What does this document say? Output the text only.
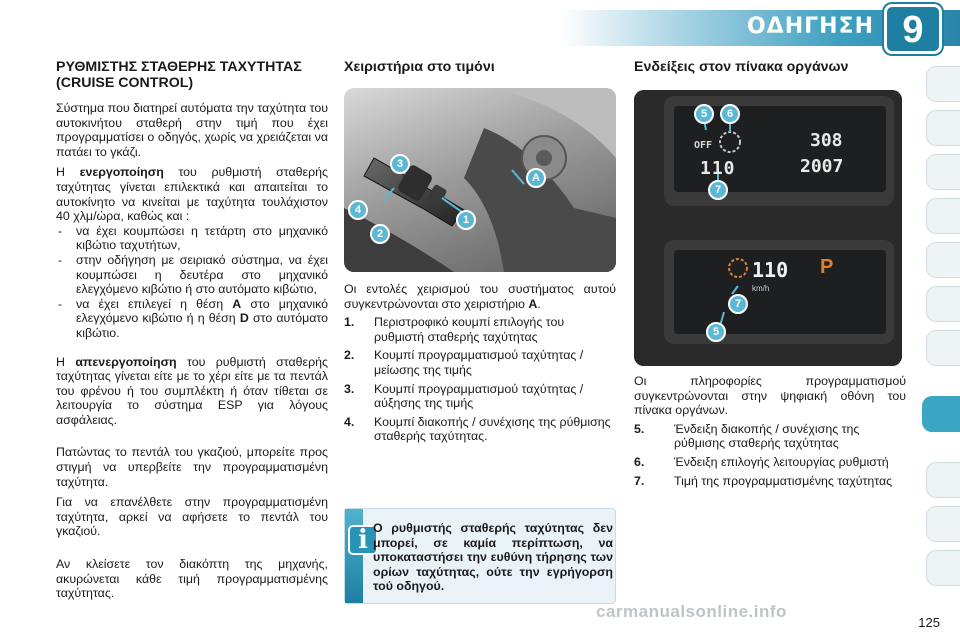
ΟΔΗΓΗΣΗ 9
ΡΥΘΜΙΣΤΗΣ ΣΤΑΘΕΡΗΣ ΤΑΧΥΤΗΤΑΣ (CRUISE CONTROL)
Σύστημα που διατηρεί αυτόματα την ταχύτητα του αυτοκινήτου σταθερή στην τιμή που έχει προγραμματίσει ο οδηγός, χωρίς να χρειάζεται να πατάει το γκάζι.
Η ενεργοποίηση του ρυθμιστή σταθερής ταχύτητας γίνεται επιλεκτικά και απαιτείται το αυτοκίνητο να κινείται με ταχύτητα τουλάχιστον 40 χλμ/ώρα, καθώς και :
- να έχει κουμπώσει η τετάρτη στο μηχανικό κιβώτιο ταχυτήτων,
- στην οδήγηση με σειριακό σύστημα, να έχει κουμπώσει η δευτέρα στο μηχανικό ελεγχόμενο κιβώτιο ή στο αυτόματο κιβώτιο,
- να έχει επιλεγεί η θέση A στο μηχανικό ελεγχόμενο κιβώτιο ή η θέση D στο αυτόματο κιβώτιο.
Η απενεργοποίηση του ρυθμιστή σταθερής ταχύτητας γίνεται είτε με το χέρι είτε με τα πεντάλ του φρένου ή του συμπλέκτη ή όταν τίθεται σε λειτουργία το σύστημα ESP για λόγους ασφάλειας.
Πατώντας το πεντάλ του γκαζιού, μπορείτε προς στιγμή να υπερβείτε την προγραμματισμένη ταχύτητα.
Για να επανέλθετε στην προγραμματισμένη ταχύτητα, αρκεί να αφήσετε το πεντάλ του γκαζιού.
Αν κλείσετε τον διακόπτη της μηχανής, ακυρώνεται κάθε τιμή προγραμματισμένης ταχύτητας.
Χειριστήρια στο τιμόνι
3
4
2
1
A
Οι εντολές χειρισμού του συστήματος αυτού συγκεντρώνονται στο χειριστήριο A.
1. Περιστροφικό κουμπί επιλογής του ρυθμιστή σταθερής ταχύτητας
2. Κουμπί προγραμματισμού ταχύτητας / μείωσης της τιμής
3. Κουμπί προγραμματισμού ταχύτητας / αύξησης της τιμής
4. Κουμπί διακοπής / συνέχισης της ρύθμισης σταθερής ταχύτητας.
i Ο ρυθμιστής σταθερής ταχύτητας δεν μπορεί, σε καμία περίπτωση, να υποκαταστήσει την ευθύνη τήρησης των ορίων ταχύτητας, ούτε την εγρήγορση τού οδηγού.
Ενδείξεις στον πίνακα οργάνων
OFF
110
308
2007
110
km/h
P
5	6
7
7
5
Οι πληροφορίες προγραμματισμού συγκεντρώνονται στην ψηφιακή οθόνη του πίνακα οργάνων.
5. Ένδειξη διακοπής / συνέχισης της ρύθμισης σταθερής ταχύτητας
6. Ένδειξη επιλογής λειτουργίας ρυθμιστή
7. Τιμή της προγραμματισμένης ταχύτητας
carmanualsonline.info
125
